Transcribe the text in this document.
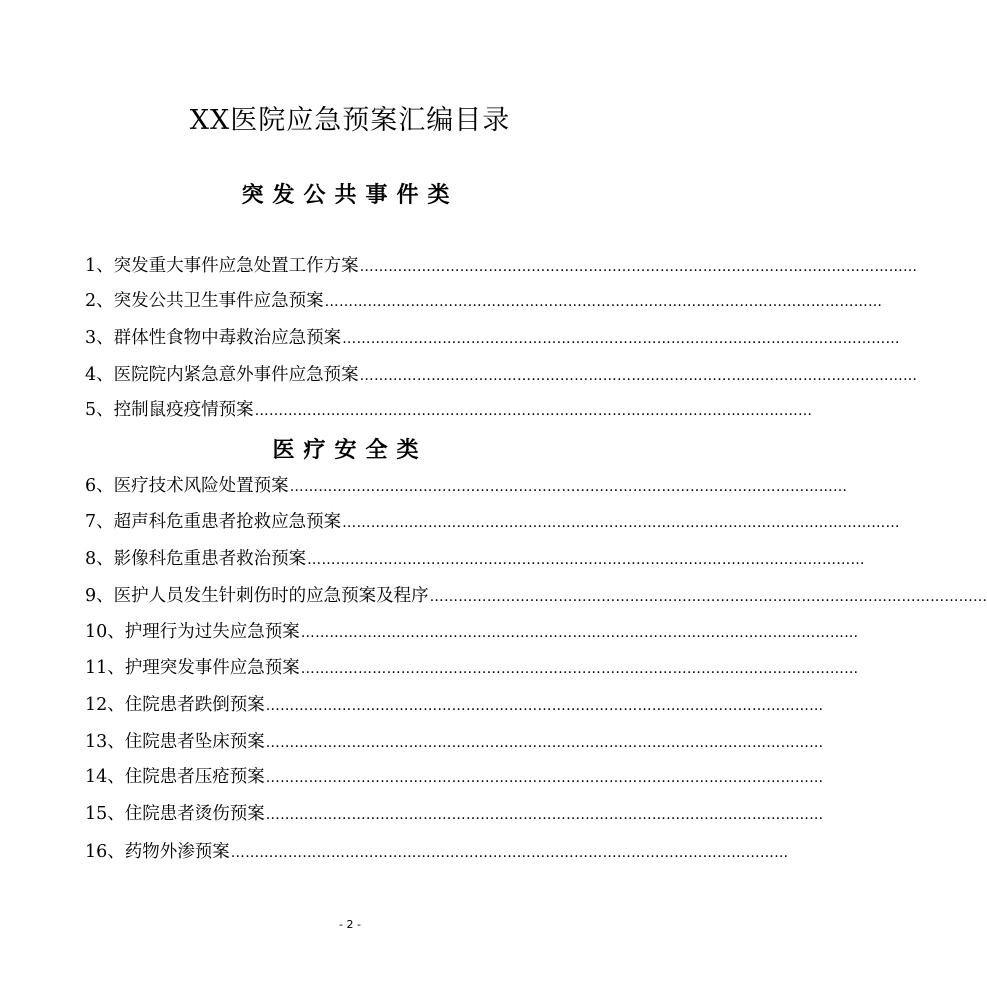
XX医院应急预案汇编目录
突发公共事件类
1、突发重大事件应急处置工作方案 ………………………………………………………………………………………………………
2、突发公共卫生事件应急预案 ………………………………………………………………………………………………………
3、群体性食物中毒救治应急预案 ………………………………………………………………………………………………………
4、医院院内紧急意外事件应急预案 ………………………………………………………………………………………………………
5、控制鼠疫疫情预案 ………………………………………………………………………………………………………
医疗安全类
6、医疗技术风险处置预案 ………………………………………………………………………………………………………
7、超声科危重患者抢救应急预案 ………………………………………………………………………………………………………
8、影像科危重患者救治预案 ………………………………………………………………………………………………………
9、医护人员发生针刺伤时的应急预案及程序 ………………………………………………………………………………………………………
10、护理行为过失应急预案 ………………………………………………………………………………………………………
11、护理突发事件应急预案 ………………………………………………………………………………………………………
12、住院患者跌倒预案 ………………………………………………………………………………………………………
13、住院患者坠床预案 ………………………………………………………………………………………………………
14、住院患者压疮预案 ………………………………………………………………………………………………………
15、住院患者烫伤预案 ………………………………………………………………………………………………………
16、药物外渗预案 ………………………………………………………………………………………………………
- 2 -
